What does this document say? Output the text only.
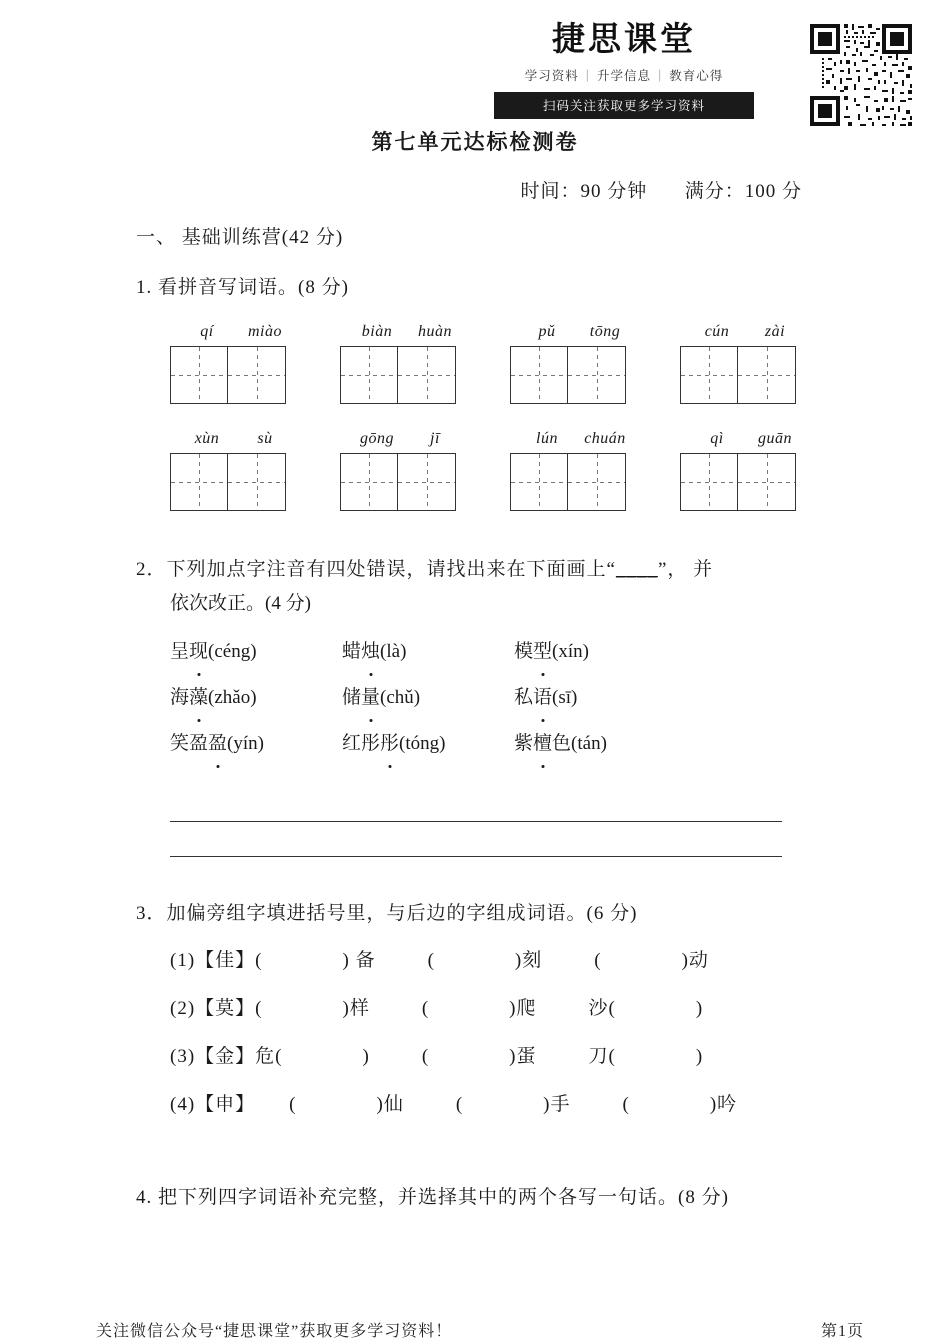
捷思课堂
学习资料 | 升学信息 | 教育心得
扫码关注获取更多学习资料
第七单元达标检测卷
时间：90 分钟 满分：100 分
一、 基础训练营(42 分)
1. 看拼音写词语。(8 分)
qí	miào	biàn	huàn	pǔ	tōng	cún	zài
xùn	sù	gōng	jī	lún	chuán	qì	guān
2．下列加点字注音有四处错误，请找出来在下面画上“____”， 并
依次改正。(4 分)
呈现(céng)	蜡烛(là)	模型(xín)
海藻(zhǎo)	储量(chǔ)	私语(sī)
笑盈盈(yín)	红彤彤(tóng)	紫檀色(tán)
3．加偏旁组字填进括号里，与后边的字组成词语。(6 分)
(1)【佳】(	) 备	(	)刻	(	)动
(2)【莫】(	)样	(	)爬	沙(	)
(3)【金】危(	)	(	)蛋	刀(	)
(4)【申】 (	)仙	(	)手	(	)吟
4. 把下列四字词语补充完整，并选择其中的两个各写一句话。(8 分)
关注微信公众号“捷思课堂”获取更多学习资料！	第1页
